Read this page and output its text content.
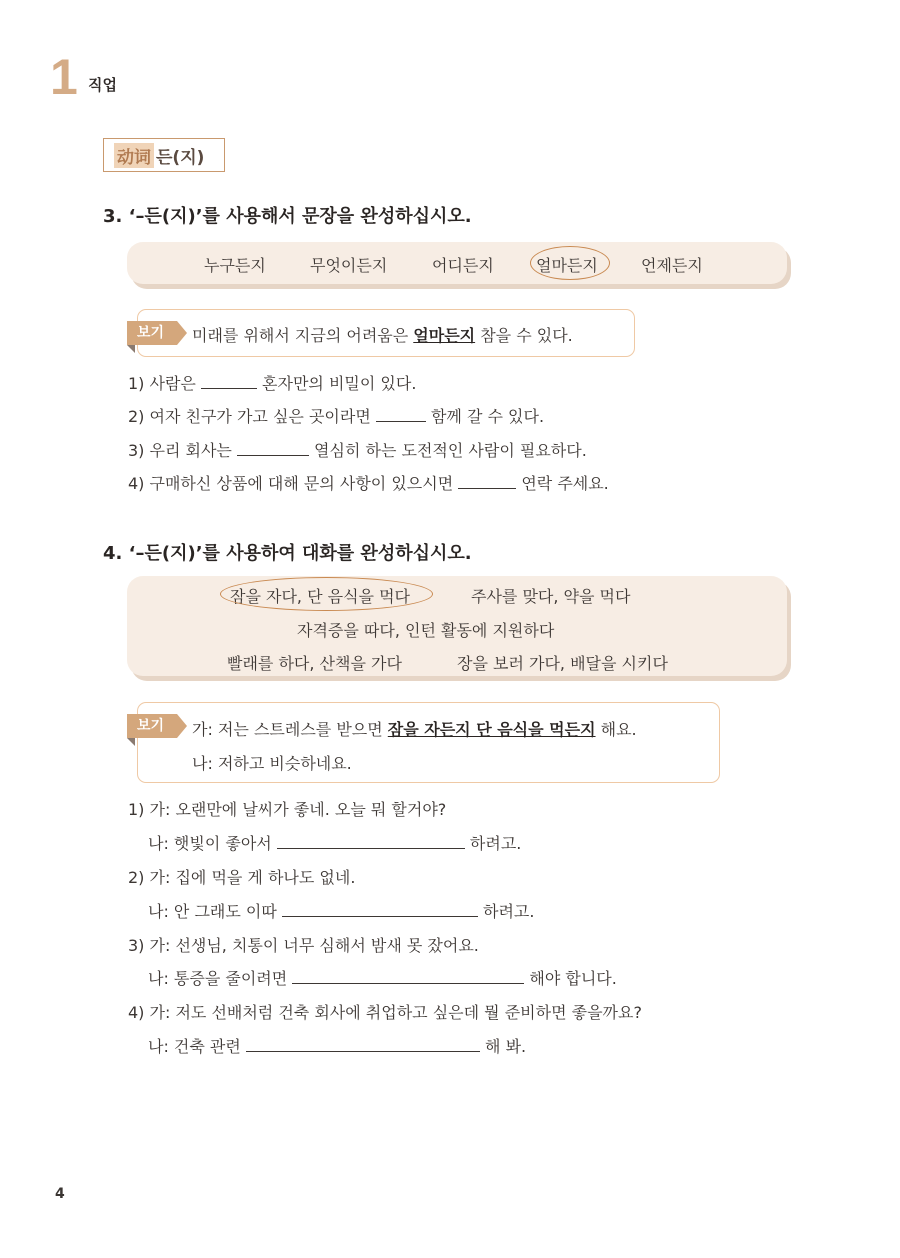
1 직업
动词 든(지)
3. ‘–든(지)’를 사용해서 문장을 완성하십시오.
누구든지	무엇이든지	어디든지	얼마든지	언제든지
보기	미래를 위해서 지금의 어려움은 얼마든지 참을 수 있다.
1) 사람은	혼자만의 비밀이 있다.
2) 여자 친구가 가고 싶은 곳이라면	함께 갈 수 있다.
3) 우리 회사는	열심히 하는 도전적인 사람이 필요하다.
4) 구매하신 상품에 대해 문의 사항이 있으시면	연락 주세요.
4. ‘–든(지)’를 사용하여 대화를 완성하십시오.
잠을 자다, 단 음식을 먹다	주사를 맞다, 약을 먹다
자격증을 따다, 인턴 활동에 지원하다
빨래를 하다, 산책을 가다	장을 보러 가다, 배달을 시키다
보기	가: 저는 스트레스를 받으면 잠을 자든지 단 음식을 먹든지 해요.
나: 저하고 비슷하네요.
1) 가: 오랜만에 날씨가 좋네. 오늘 뭐 할거야?
나: 햇빛이 좋아서	하려고.
2) 가: 집에 먹을 게 하나도 없네.
나: 안 그래도 이따	하려고.
3) 가: 선생님, 치통이 너무 심해서 밤새 못 잤어요.
나: 통증을 줄이려면	해야 합니다.
4) 가: 저도 선배처럼 건축 회사에 취업하고 싶은데 뭘 준비하면 좋을까요?
나: 건축 관련	해 봐.
4
